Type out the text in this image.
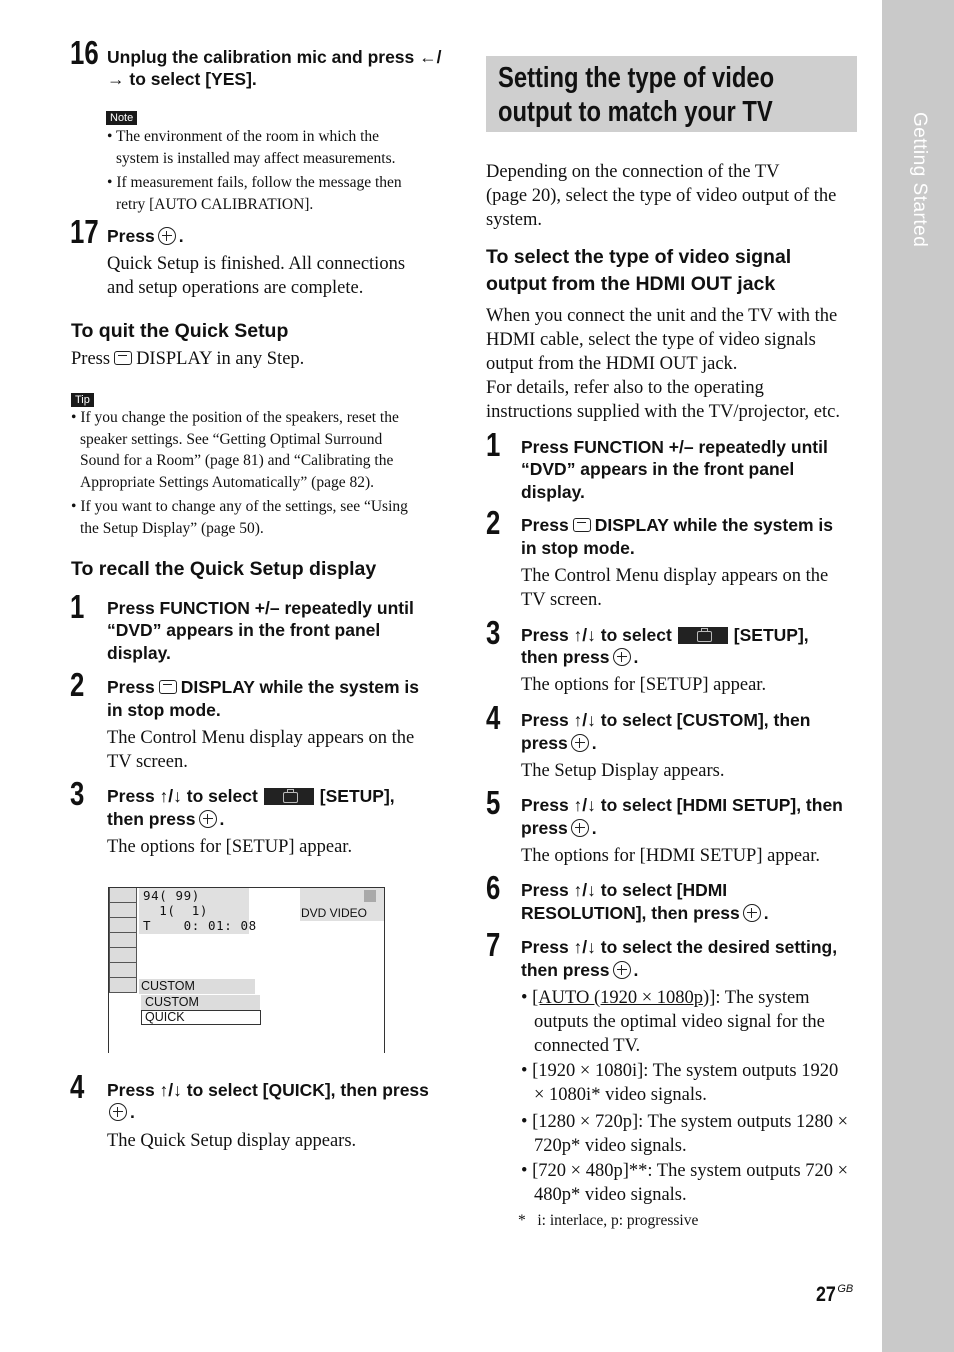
Getting Started
16 Unplug the calibration mic and press ←/
→ to select [YES].
Note
• The environment of the room in which the
system is installed may affect measurements.
• If measurement fails, follow the message then
retry [AUTO CALIBRATION].
17 Press .
Quick Setup is finished. All connections
and setup operations are complete.
To quit the Quick Setup
Press DISPLAY in any Step.
Tip
• If you change the position of the speakers, reset the
speaker settings. See “Getting Optimal Surround
Sound for a Room” (page 81) and “Calibrating the
Appropriate Settings Automatically” (page 82).
• If you want to change any of the settings, see “Using
the Setup Display” (page 50).
To recall the Quick Setup display
1 Press FUNCTION +/– repeatedly until
“DVD” appears in the front panel
display.
2 Press DISPLAY while the system is
in stop mode.
The Control Menu display appears on the
TV screen.
3 Press ↑/↓ to select	[SETUP],
then press .
The options for [SETUP] appear.
94( 99)
1(  1)
T    0: 01: 08
DVD VIDEO
CUSTOM
CUSTOM
QUICK
4 Press ↑/↓ to select [QUICK], then press
.
The Quick Setup display appears.
Setting the type of video
output to match your TV
Depending on the connection of the TV
(page 20), select the type of video output of the
system.
To select the type of video signal
output from the HDMI OUT jack
When you connect the unit and the TV with the
HDMI cable, select the type of video signals
output from the HDMI OUT jack.
For details, refer also to the operating
instructions supplied with the TV/projector, etc.
1 Press FUNCTION +/– repeatedly until
“DVD” appears in the front panel
display.
2 Press DISPLAY while the system is
in stop mode.
The Control Menu display appears on the
TV screen.
3 Press ↑/↓ to select	[SETUP],
then press .
The options for [SETUP] appear.
4 Press ↑/↓ to select [CUSTOM], then
press .
The Setup Display appears.
5 Press ↑/↓ to select [HDMI SETUP], then
press .
The options for [HDMI SETUP] appear.
6 Press ↑/↓ to select [HDMI
RESOLUTION], then press .
7 Press ↑/↓ to select the desired setting,
then press .
• [AUTO (1920 × 1080p)]: The system
outputs the optimal video signal for the
connected TV.
• [1920 × 1080i]: The system outputs 1920
× 1080i* video signals.
• [1280 × 720p]: The system outputs 1280 ×
720p* video signals.
• [720 × 480p]**: The system outputs 720 ×
480p* video signals.
*   i: interlace, p: progressive
27 $^{GB}$
